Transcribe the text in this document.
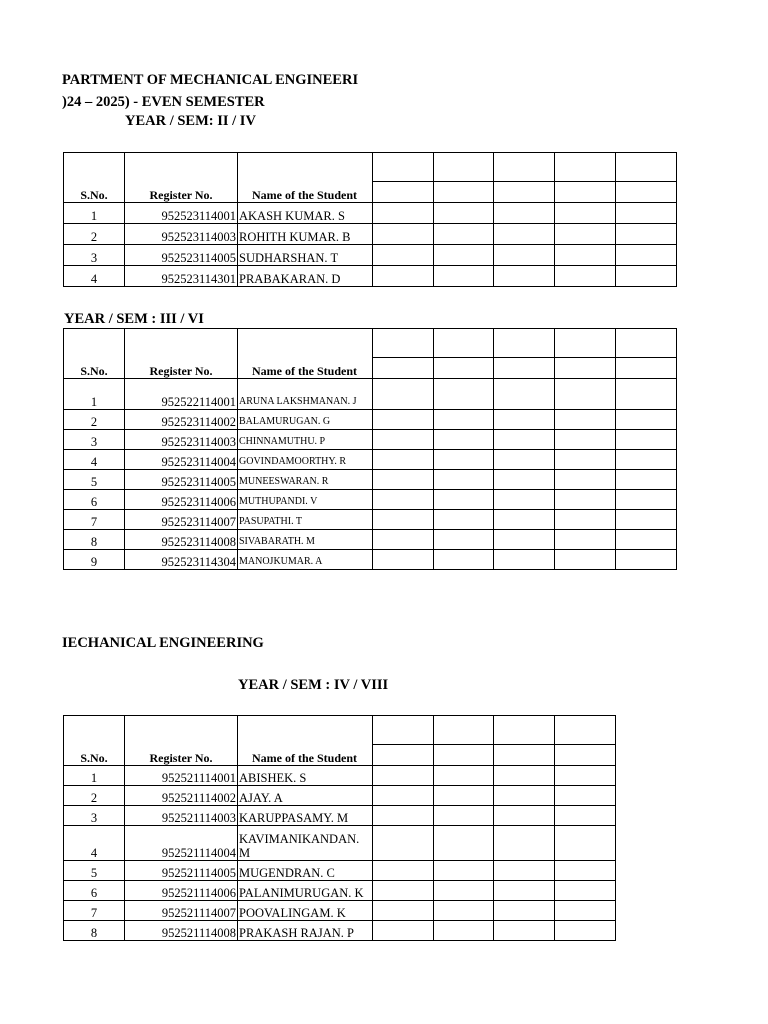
PARTMENT OF MECHANICAL ENGINEERI
)24 – 2025) - EVEN SEMESTER
YEAR / SEM: II / IV
S.No.	Register No.	Name of the Student					

1	952523114001	AKASH KUMAR. S					
2	952523114003	ROHITH KUMAR. B					
3	952523114005	SUDHARSHAN. T					
4	952523114301	PRABAKARAN. D					
YEAR / SEM : III / VI
S.No.	Register No.	Name of the Student					

1	952522114001	ARUNA LAKSHMANAN. J					
2	952523114002	BALAMURUGAN. G					
3	952523114003	CHINNAMUTHU. P					
4	952523114004	GOVINDAMOORTHY. R					
5	952523114005	MUNEESWARAN. R					
6	952523114006	MUTHUPANDI. V					
7	952523114007	PASUPATHI. T					
8	952523114008	SIVABARATH. M					
9	952523114304	MANOJKUMAR. A					
IECHANICAL ENGINEERING
YEAR / SEM : IV / VIII
S.No.	Register No.	Name of the Student				

1	952521114001	ABISHEK. S				
2	952521114002	AJAY. A				
3	952521114003	KARUPPASAMY. M				
4	952521114004	KAVIMANIKANDAN. M				
5	952521114005	MUGENDRAN. C				
6	952521114006	PALANIMURUGAN. K				
7	952521114007	POOVALINGAM. K				
8	952521114008	PRAKASH RAJAN. P				
